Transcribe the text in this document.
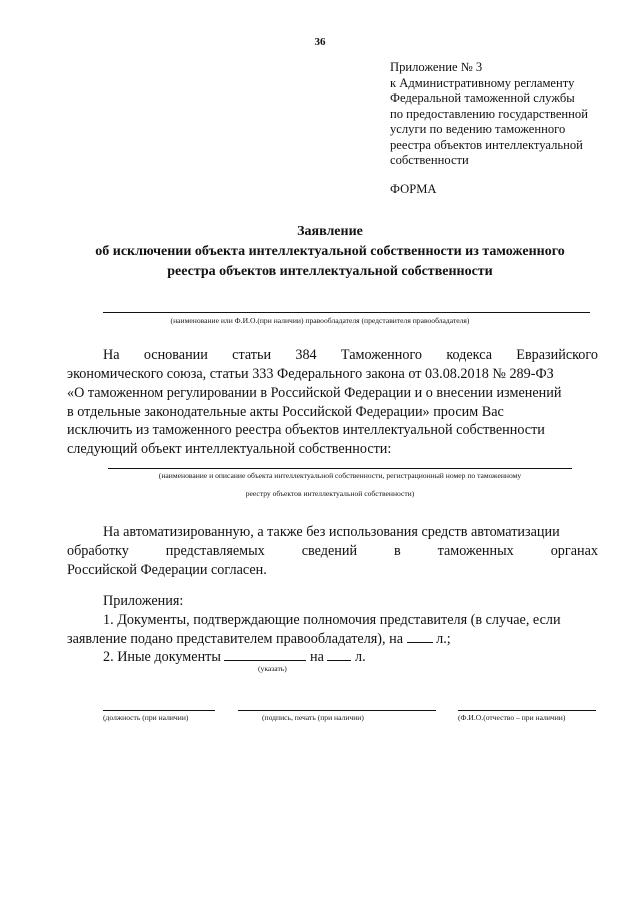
36
Приложение № 3
к Административному регламенту
Федеральной таможенной службы
по предоставлению государственной
услуги по ведению таможенного
реестра объектов интеллектуальной
собственности
ФОРМА
Заявление
об исключении объекта интеллектуальной собственности из таможенного
реестра объектов интеллектуальной собственности
(наименование или Ф.И.О.(при наличии) правообладателя (представителя правообладателя)
На основании статьи 384 Таможенного кодекса Евразийского
экономического союза, статьи 333 Федерального закона от 03.08.2018 № 289-ФЗ
«О таможенном регулировании в Российской Федерации и о внесении изменений
в отдельные законодательные акты Российской Федерации» просим Вас
исключить из таможенного реестра объектов интеллектуальной собственности
следующий объект интеллектуальной собственности:
(наименование и описание объекта интеллектуальной собственности, регистрационный номер по таможенному
реестру объектов интеллектуальной собственности)
На автоматизированную, а также без использования средств автоматизации
обработку	представляемых	сведений	в	таможенных	органах
Российской Федерации согласен.
Приложения:
1. Документы, подтверждающие полномочия представителя (в случае, если
заявление подано представителем правообладателя), на л.;
2. Иные документы	на л.
(указать)
(должность (при наличии)	(подпись, печать (при наличии)	(Ф.И.О.(отчество – при наличии)
